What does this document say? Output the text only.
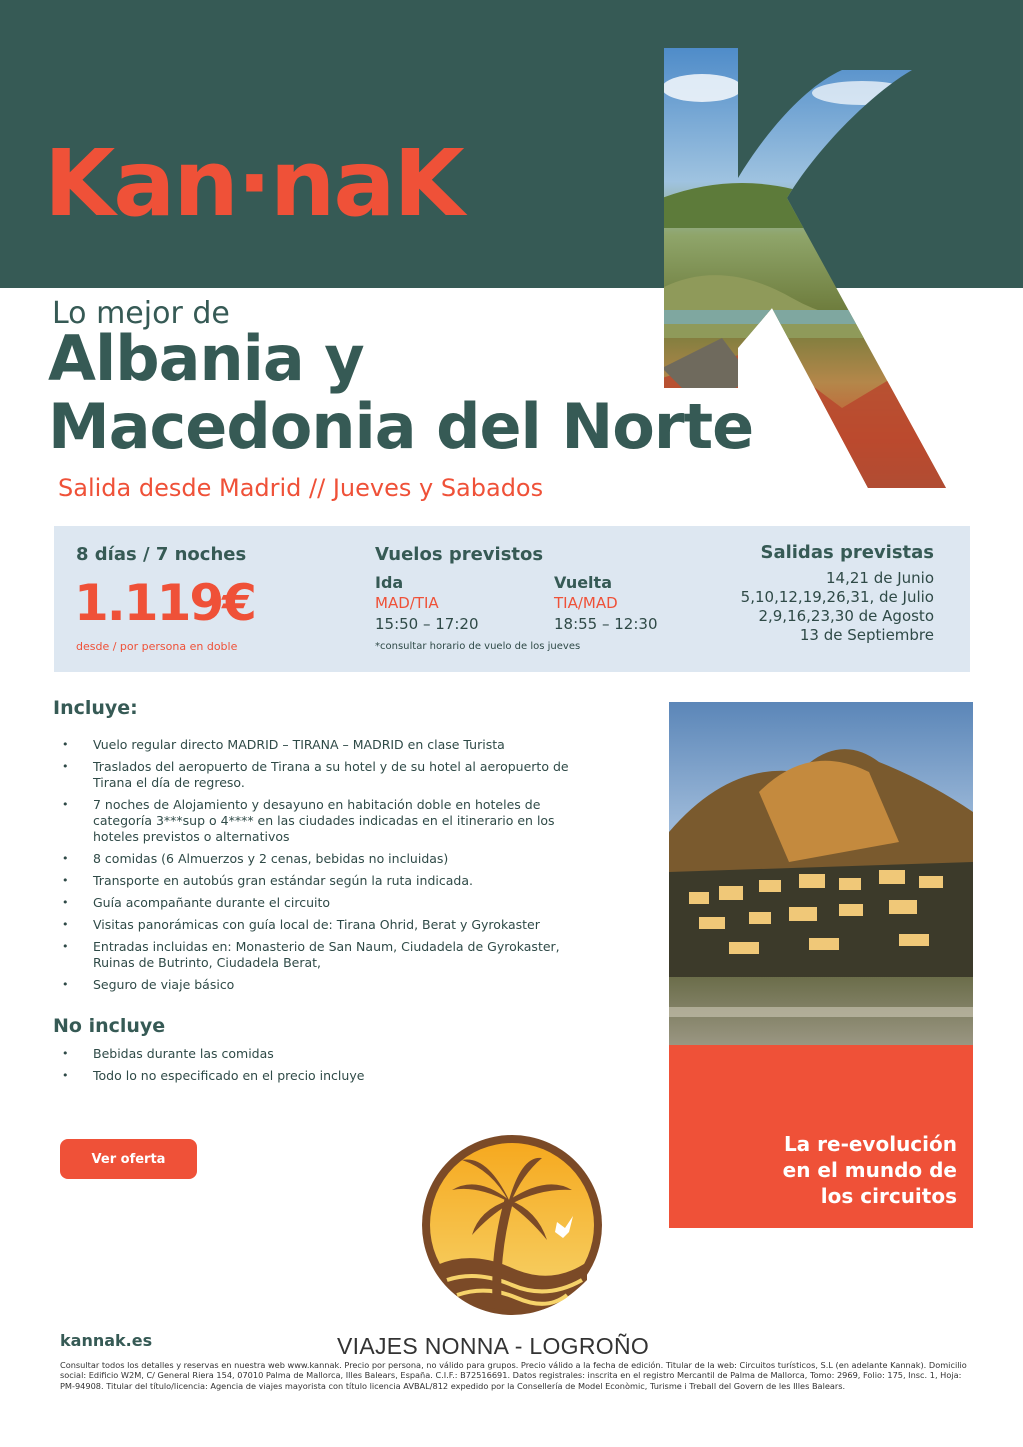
Kan·naK
Lo mejor de
Albania y
Macedonia del Norte
Salida desde Madrid // Jueves y Sabados
8 días / 7 noches
1.119€
desde / por persona en doble
Vuelos previstos
Ida
MAD/TIA
15:50 – 17:20
Vuelta
TIA/MAD
18:55 – 12:30
*consultar horario de vuelo de los jueves
Salidas previstas
14,21 de Junio
5,10,12,19,26,31, de Julio
2,9,16,23,30 de Agosto
13 de Septiembre
Incluye:
• Vuelo regular directo MADRID – TIRANA – MADRID en clase Turista
• Traslados del aeropuerto de Tirana a su hotel y de su hotel al aeropuerto de Tirana el día de regreso.
• 7 noches de Alojamiento y desayuno en habitación doble en hoteles de categoría 3***sup o 4**** en las ciudades indicadas en el itinerario en los hoteles previstos o alternativos
• 8 comidas (6 Almuerzos y 2 cenas, bebidas no incluidas)
• Transporte en autobús gran estándar según la ruta indicada.
• Guía acompañante durante el circuito
• Visitas panorámicas con guía local de: Tirana Ohrid, Berat y Gyrokaster
• Entradas incluidas en: Monasterio de San Naum, Ciudadela de Gyrokaster, Ruinas de Butrinto, Ciudadela Berat,
• Seguro de viaje básico
No incluye
• Bebidas durante las comidas
• Todo lo no especificado en el precio incluye
Ver oferta
La re-evolución
en el mundo de
los circuitos
VIAJES NONNA - LOGROÑO
kannak.es
Consultar todos los detalles y reservas en nuestra web www.kannak. Precio por persona, no válido para grupos. Precio válido a la fecha de edición. Titular de la web: Circuitos turísticos, S.L (en adelante Kannak). Domicilio social: Edificio W2M, C/ General Riera 154, 07010 Palma de Mallorca, Illes Balears, España. C.I.F.: B72516691. Datos registrales: inscrita en el registro Mercantil de Palma de Mallorca, Tomo: 2969, Folio: 175, Insc. 1, Hoja: PM-94908. Titular del título/licencia: Agencia de viajes mayorista con título licencia AVBAL/812 expedido por la Consellería de Model Econòmic, Turisme i Treball del Govern de les Illes Balears.
